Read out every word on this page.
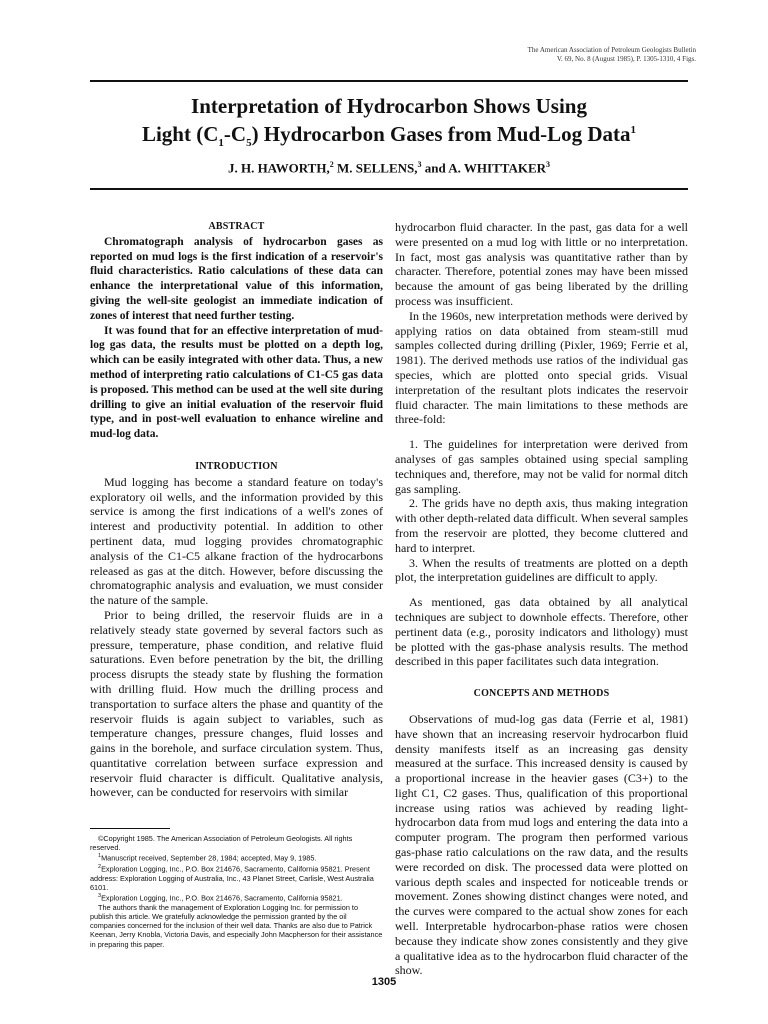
The American Association of Petroleum Geologists Bulletin
V. 69, No. 8 (August 1985), P. 1305-1310, 4 Figs.
Interpretation of Hydrocarbon Shows Using
Light $(C_1-C_5)$ Hydrocarbon Gases from Mud-Log Data$^1$
J. H. HAWORTH,$^2$ M. SELLENS,$^3$ and A. WHITTAKER$^3$

ABSTRACT

Chromatograph analysis of hydrocarbon gases as reported on mud logs is the first indication of a reservoir's fluid characteristics. Ratio calculations of these data can enhance the interpretational value of this information, giving the well-site geologist an immediate indication of zones of interest that need further testing.

It was found that for an effective interpretation of mud-log gas data, the results must be plotted on a depth log, which can be easily integrated with other data. Thus, a new method of interpreting ratio calculations of C1-C5 gas data is proposed. This method can be used at the well site during drilling to give an initial evaluation of the reservoir fluid type, and in post-well evaluation to enhance wireline and mud-log data.

INTRODUCTION

Mud logging has become a standard feature on today's exploratory oil wells, and the information provided by this service is among the first indications of a well's zones of interest and productivity potential. In addition to other pertinent data, mud logging provides chromatographic analysis of the C1-C5 alkane fraction of the hydrocarbons released as gas at the ditch. However, before discussing the chromatographic analysis and evaluation, we must consider the nature of the sample.

Prior to being drilled, the reservoir fluids are in a relatively steady state governed by several factors such as pressure, temperature, phase condition, and relative fluid saturations. Even before penetration by the bit, the drilling process disrupts the steady state by flushing the formation with drilling fluid. How much the drilling process and transportation to surface alters the phase and quantity of the reservoir fluids is again subject to variables, such as temperature changes, pressure changes, fluid losses and gains in the borehole, and surface circulation system. Thus, quantitative correlation between surface expression and reservoir fluid character is difficult. Qualitative analysis, however, can be conducted for reservoirs with similar

hydrocarbon fluid character. In the past, gas data for a well were presented on a mud log with little or no interpretation. In fact, most gas analysis was quantitative rather than by character. Therefore, potential zones may have been missed because the amount of gas being liberated by the drilling process was insufficient.

In the 1960s, new interpretation methods were derived by applying ratios on data obtained from steam-still mud samples collected during drilling (Pixler, 1969; Ferrie et al, 1981). The derived methods use ratios of the individual gas species, which are plotted onto special grids. Visual interpretation of the resultant plots indicates the reservoir fluid character. The main limitations to these methods are three-fold:

1. The guidelines for interpretation were derived from analyses of gas samples obtained using special sampling techniques and, therefore, may not be valid for normal ditch gas sampling.

2. The grids have no depth axis, thus making integration with other depth-related data difficult. When several samples from the reservoir are plotted, they become cluttered and hard to interpret.

3. When the results of treatments are plotted on a depth plot, the interpretation guidelines are difficult to apply.

As mentioned, gas data obtained by all analytical techniques are subject to downhole effects. Therefore, other pertinent data (e.g., porosity indicators and lithology) must be plotted with the gas-phase analysis results. The method described in this paper facilitates such data integration.

CONCEPTS AND METHODS

Observations of mud-log gas data (Ferrie et al, 1981) have shown that an increasing reservoir hydrocarbon fluid density manifests itself as an increasing gas density measured at the surface. This increased density is caused by a proportional increase in the heavier gases (C3+) to the light C1, C2 gases. Thus, qualification of this proportional increase using ratios was achieved by reading light-hydrocarbon data from mud logs and entering the data into a computer program. The program then performed various gas-phase ratio calculations on the raw data, and the results were recorded on disk. The processed data were plotted on various depth scales and inspected for noticeable trends or movement. Zones showing distinct changes were noted, and the curves were compared to the actual show zones for each well. Interpretable hydrocarbon-phase ratios were chosen because they indicate show zones consistently and they give a qualitative idea as to the hydrocarbon fluid character of the show.

©Copyright 1985. The American Association of Petroleum Geologists. All rights reserved.
$^1$Manuscript received, September 28, 1984; accepted, May 9, 1985.
$^2$Exploration Logging, Inc., P.O. Box 214676, Sacramento, California 95821. Present address: Exploration Logging of Australia, Inc., 43 Planet Street, Carlisle, West Australia 6101.
$^3$Exploration Logging, Inc., P.O. Box 214676, Sacramento, California 95821.
The authors thank the management of Exploration Logging Inc. for permission to publish this article. We gratefully acknowledge the permission granted by the oil companies concerned for the inclusion of their well data. Thanks are also due to Patrick Keenan, Jerry Knobla, Victoria Davis, and especially John Macpherson for their assistance in preparing this paper.
1305
